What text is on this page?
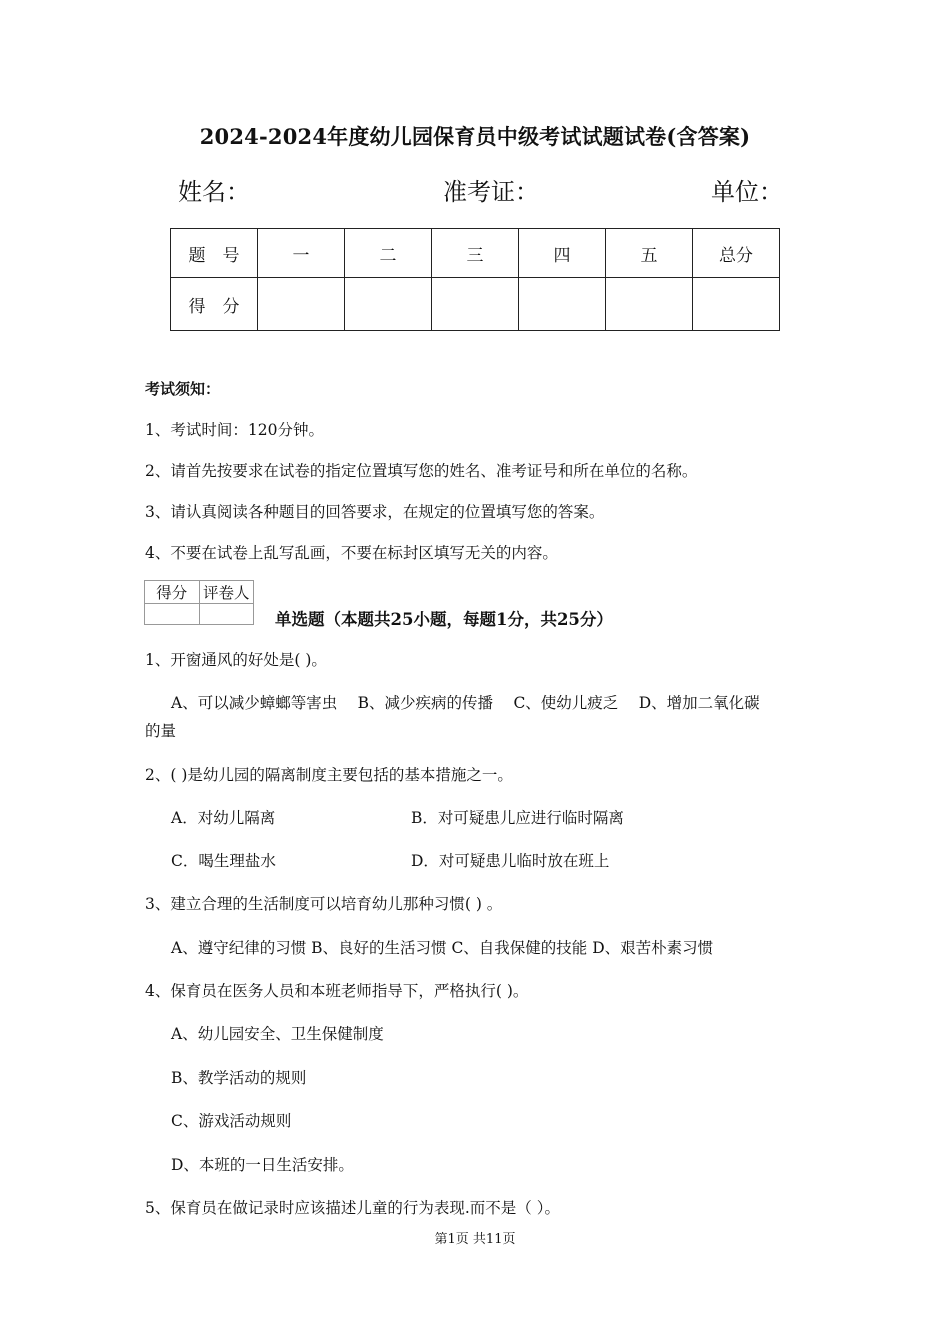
2024-2024年度幼儿园保育员中级考试试题试卷(含答案)
姓名：	准考证：	单位：
题　号	一	二	三	四	五	总分
得　分						
考试须知：
1、考试时间：120分钟。
2、请首先按要求在试卷的指定位置填写您的姓名、准考证号和所在单位的名称。
3、请认真阅读各种题目的回答要求，在规定的位置填写您的答案。
4、不要在试卷上乱写乱画，不要在标封区填写无关的内容。
得分	评卷人

单选题（本题共25小题，每题1分，共25分）
1、开窗通风的好处是( )。
A、可以减少蟑螂等害虫　 B、减少疾病的传播　 C、使幼儿疲乏　 D、增加二氧化碳
的量
2、( )是幼儿园的隔离制度主要包括的基本措施之一。
A．对幼儿隔离	B．对可疑患儿应进行临时隔离
C．喝生理盐水	D．对可疑患儿临时放在班上
3、建立合理的生活制度可以培育幼儿那种习惯( ) 。
A、遵守纪律的习惯 B、良好的生活习惯 C、自我保健的技能 D、艰苦朴素习惯
4、保育员在医务人员和本班老师指导下，严格执行( )。
A、幼儿园安全、卫生保健制度
B、教学活动的规则
C、游戏活动规则
D、本班的一日生活安排。
5、保育员在做记录时应该描述儿童的行为表现.而不是（ ）。
第1页 共11页
